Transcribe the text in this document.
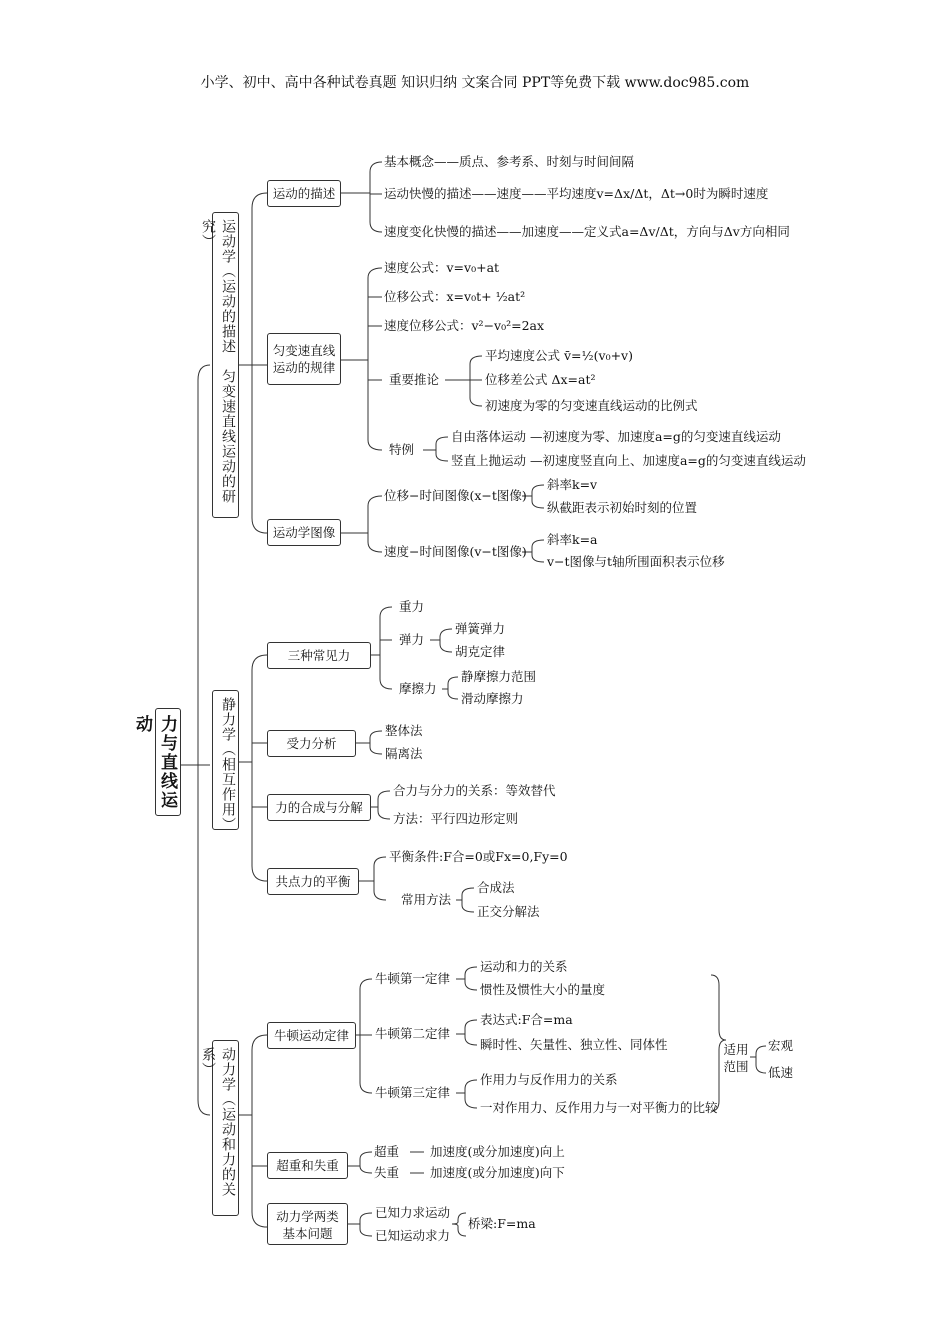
小学、初中、高中各种试卷真题 知识归纳 文案合同 PPT等免费下载 www.doc985.com
力与直线运动
运动学（运动的描述　匀变速直线运动的研究）
静力学（相互作用）
动力学（运动和力的关系）
运动的描述
匀变速直线
运动的规律
运动学图像
基本概念——质点、参考系、时刻与时间间隔
运动快慢的描述——速度——平均速度v=Δx/Δt，Δt→0时为瞬时速度
速度变化快慢的描述——加速度——定义式a=Δv/Δt，方向与Δv方向相同
速度公式：v=v₀+at
位移公式：x=v₀t+ ½at²
速度位移公式：v²−v₀²=2ax
重要推论
平均速度公式 v̄=½(v₀+v)
位移差公式 Δx=at²
初速度为零的匀变速直线运动的比例式
特例
自由落体运动 —初速度为零、加速度a=g的匀变速直线运动
竖直上抛运动 —初速度竖直向上、加速度a=g的匀变速直线运动
位移−时间图像(x−t图像)
斜率k=v
纵截距表示初始时刻的位置
速度−时间图像(v−t图像)
斜率k=a
v−t图像与t轴所围面积表示位移
三种常见力
受力分析
力的合成与分解
共点力的平衡
重力
弹力
弹簧弹力
胡克定律
摩擦力
静摩擦力范围
滑动摩擦力
整体法
隔离法
合力与分力的关系：等效替代
方法：平行四边形定则
平衡条件:F合=0或Fx=0,Fy=0
常用方法
合成法
正交分解法
牛顿运动定律
超重和失重
动力学两类
基本问题
牛顿第一定律
运动和力的关系
惯性及惯性大小的量度
牛顿第二定律
表达式:F合=ma
瞬时性、矢量性、独立性、同体性
牛顿第三定律
作用力与反作用力的关系
一对作用力、反作用力与一对平衡力的比较
适用
范围
宏观
低速
超重 加速度(或分加速度)向上
失重 加速度(或分加速度)向下
已知力求运动
已知运动求力
桥梁:F=ma
